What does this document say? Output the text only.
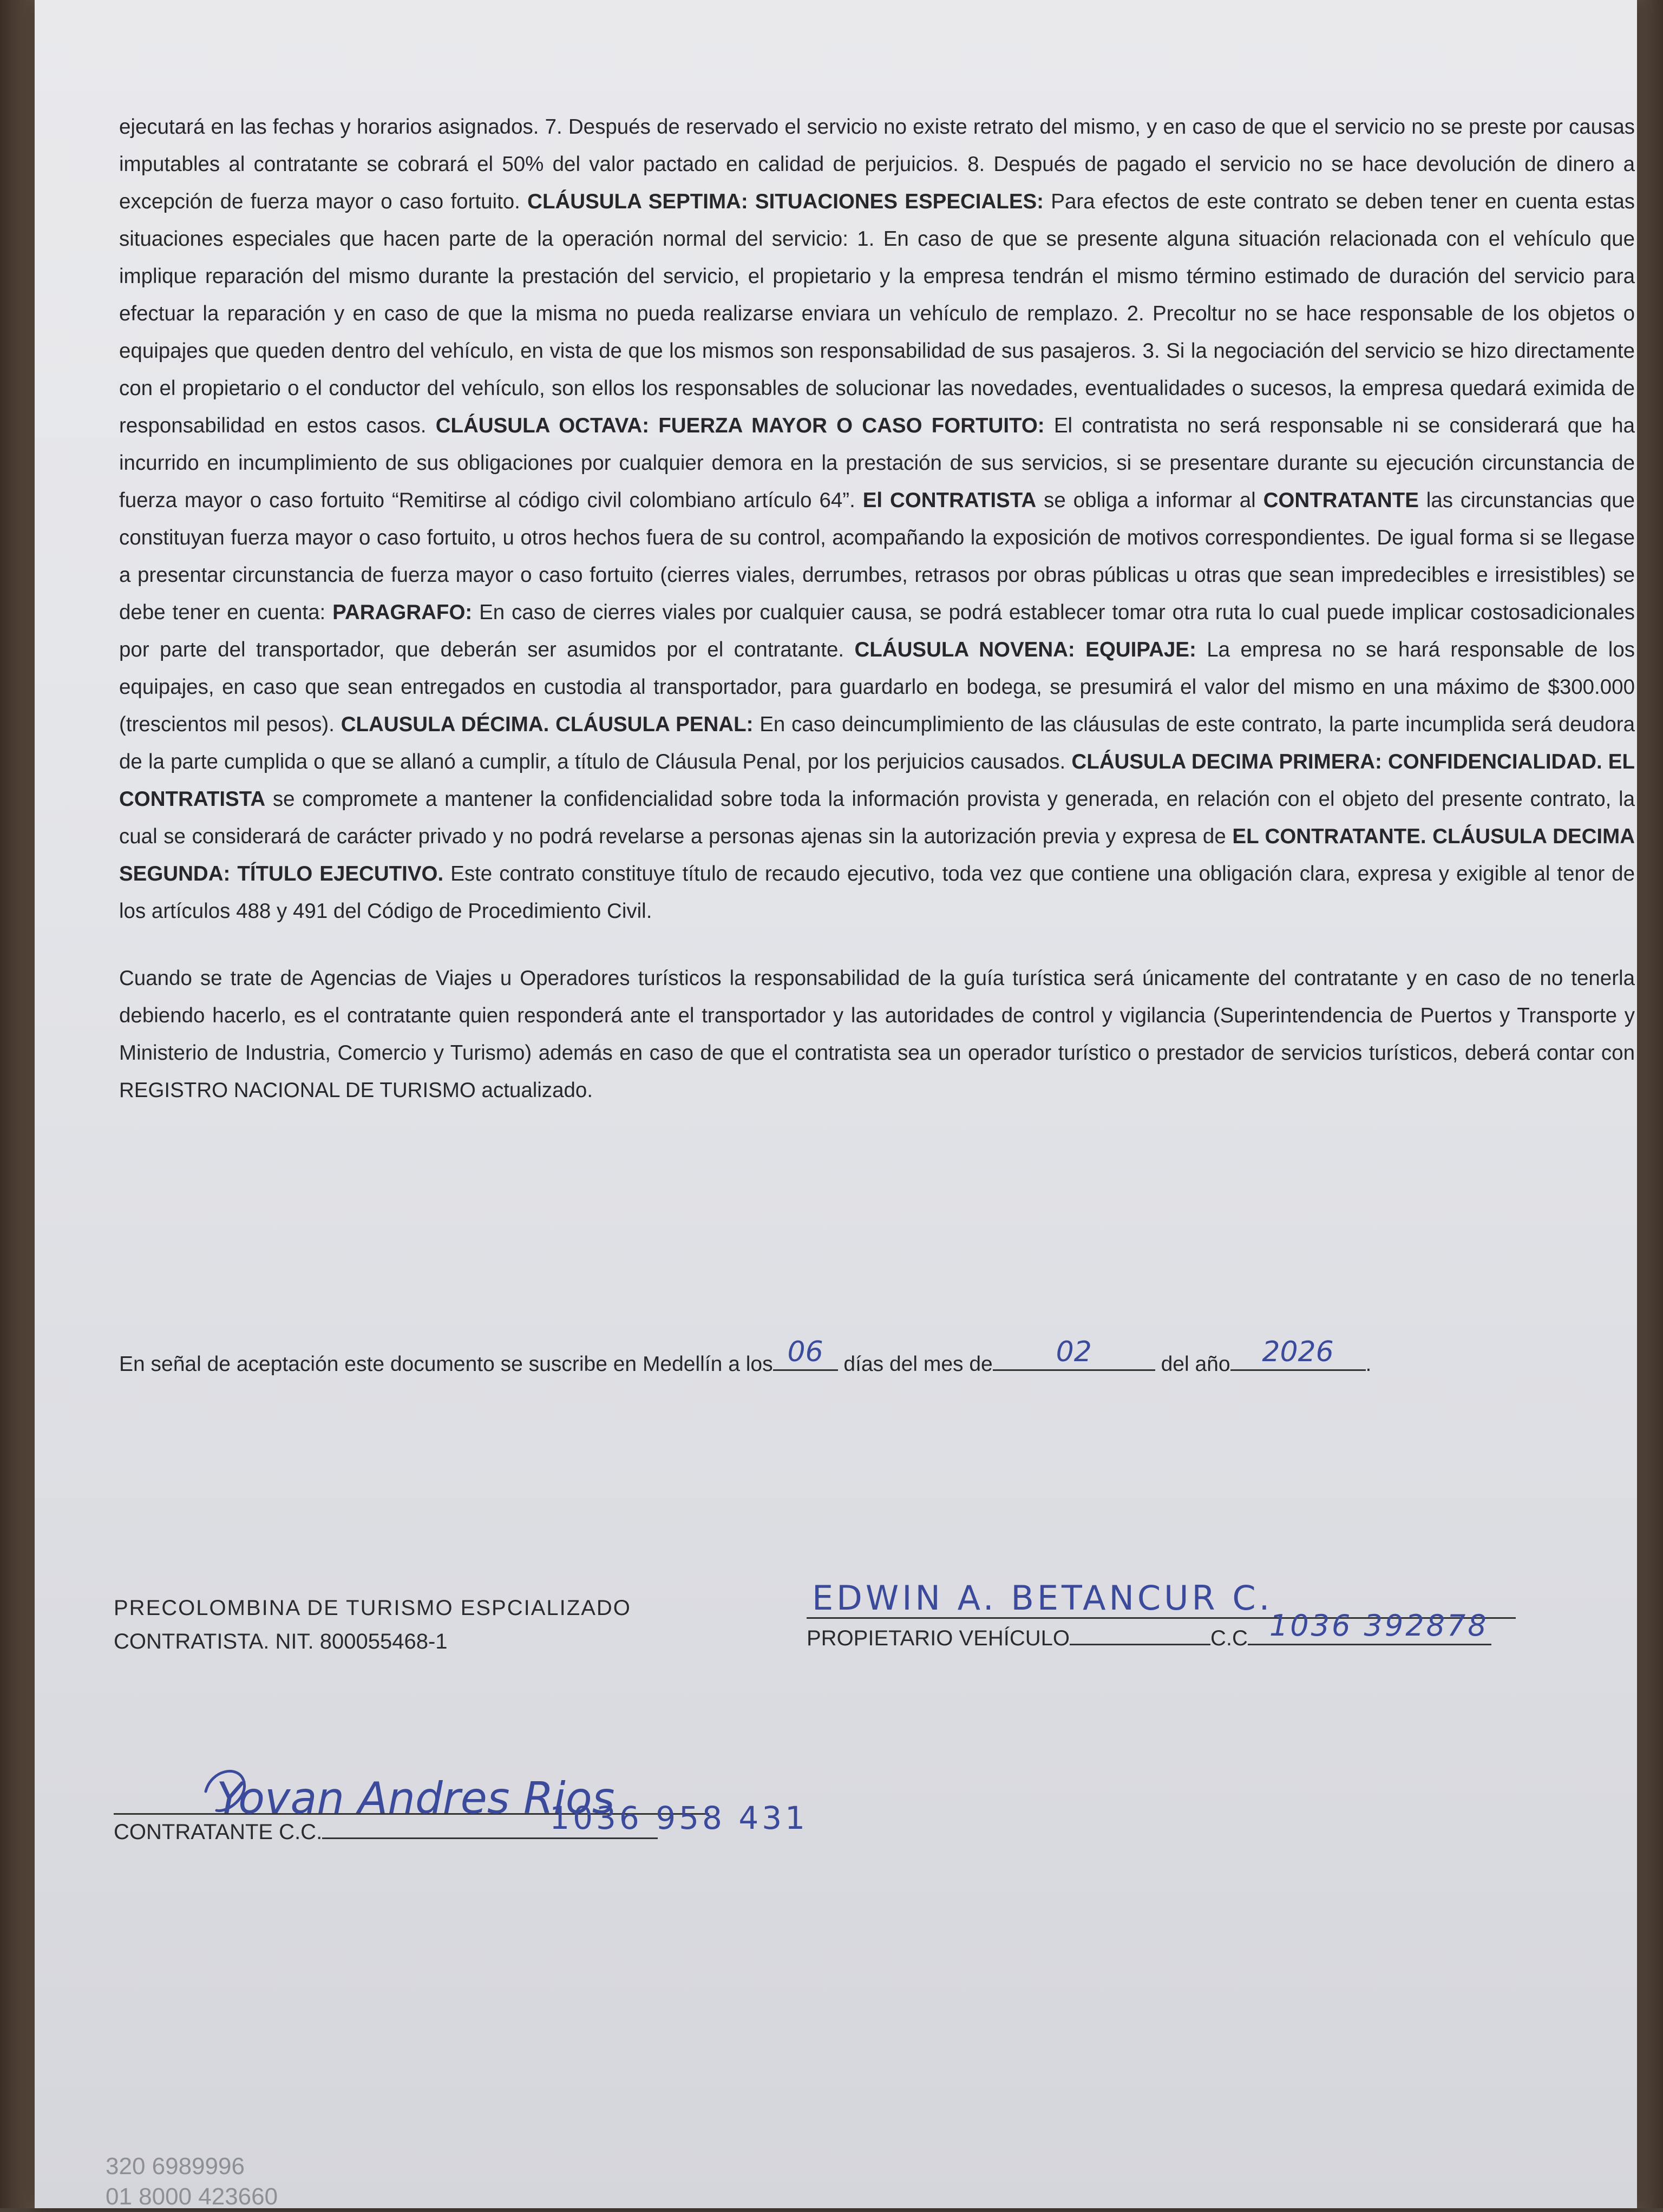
ejecutará en las fechas y horarios asignados. 7. Después de reservado el servicio no existe retrato del mismo, y en caso de que el servicio no se preste por causas imputables al contratante se cobrará el 50% del valor pactado en calidad de perjuicios. 8. Después de pagado el servicio no se hace devolución de dinero a excepción de fuerza mayor o caso fortuito. CLÁUSULA SEPTIMA: SITUACIONES ESPECIALES: Para efectos de este contrato se deben tener en cuenta estas situaciones especiales que hacen parte de la operación normal del servicio: 1. En caso de que se presente alguna situación relacionada con el vehículo que implique reparación del mismo durante la prestación del servicio, el propietario y la empresa tendrán el mismo término estimado de duración del servicio para efectuar la reparación y en caso de que la misma no pueda realizarse enviara un vehículo de remplazo. 2. Precoltur no se hace responsable de los objetos o equipajes que queden dentro del vehículo, en vista de que los mismos son responsabilidad de sus pasajeros. 3. Si la negociación del servicio se hizo directamente con el propietario o el conductor del vehículo, son ellos los responsables de solucionar las novedades, eventualidades o sucesos, la empresa quedará eximida de responsabilidad en estos casos. CLÁUSULA OCTAVA: FUERZA MAYOR O CASO FORTUITO: El contratista no será responsable ni se considerará que ha incurrido en incumplimiento de sus obligaciones por cualquier demora en la prestación de sus servicios, si se presentare durante su ejecución circunstancia de fuerza mayor o caso fortuito “Remitirse al código civil colombiano artículo 64”. El CONTRATISTA se obliga a informar al CONTRATANTE las circunstancias que constituyan fuerza mayor o caso fortuito, u otros hechos fuera de su control, acompañando la exposición de motivos correspondientes. De igual forma si se llegase a presentar circunstancia de fuerza mayor o caso fortuito (cierres viales, derrumbes, retrasos por obras públicas u otras que sean impredecibles e irresistibles) se debe tener en cuenta: PARAGRAFO: En caso de cierres viales por cualquier causa, se podrá establecer tomar otra ruta lo cual puede implicar costosadicionales por parte del transportador, que deberán ser asumidos por el contratante. CLÁUSULA NOVENA: EQUIPAJE: La empresa no se hará responsable de los equipajes, en caso que sean entregados en custodia al transportador, para guardarlo en bodega, se presumirá el valor del mismo en una máximo de $300.000 (trescientos mil pesos). CLAUSULA DÉCIMA. CLÁUSULA PENAL: En caso deincumplimiento de las cláusulas de este contrato, la parte incumplida será deudora de la parte cumplida o que se allanó a cumplir, a título de Cláusula Penal, por los perjuicios causados. CLÁUSULA DECIMA PRIMERA: CONFIDENCIALIDAD. EL CONTRATISTA se compromete a mantener la confidencialidad sobre toda la información provista y generada, en relación con el objeto del presente contrato, la cual se considerará de carácter privado y no podrá revelarse a personas ajenas sin la autorización previa y expresa de EL CONTRATANTE. CLÁUSULA DECIMA SEGUNDA: TÍTULO EJECUTIVO. Este contrato constituye título de recaudo ejecutivo, toda vez que contiene una obligación clara, expresa y exigible al tenor de los artículos 488 y 491 del Código de Procedimiento Civil.

Cuando se trate de Agencias de Viajes u Operadores turísticos la responsabilidad de la guía turística será únicamente del contratante y en caso de no tenerla debiendo hacerlo, es el contratante quien responderá ante el transportador y las autoridades de control y vigilancia (Superintendencia de Puertos y Transporte y Ministerio de Industria, Comercio y Turismo) además en caso de que el contratista sea un operador turístico o prestador de servicios turísticos, deberá contar con REGISTRO NACIONAL DE TURISMO actualizado.

En señal de aceptación este documento se suscribe en Medellín a los 06 días del mes de	02	del año	2026	.
PRECOLOMBINA DE TURISMO ESPCIALIZADO
CONTRATISTA. NIT. 800055468-1
EDWIN A. BETANCUR C.
PROPIETARIO VEHÍCULO	C.C 1036 392878
Yovan Andres Rios
CONTRATANTE C.C.	1036 958 431
320 6989996
01 8000 423660
